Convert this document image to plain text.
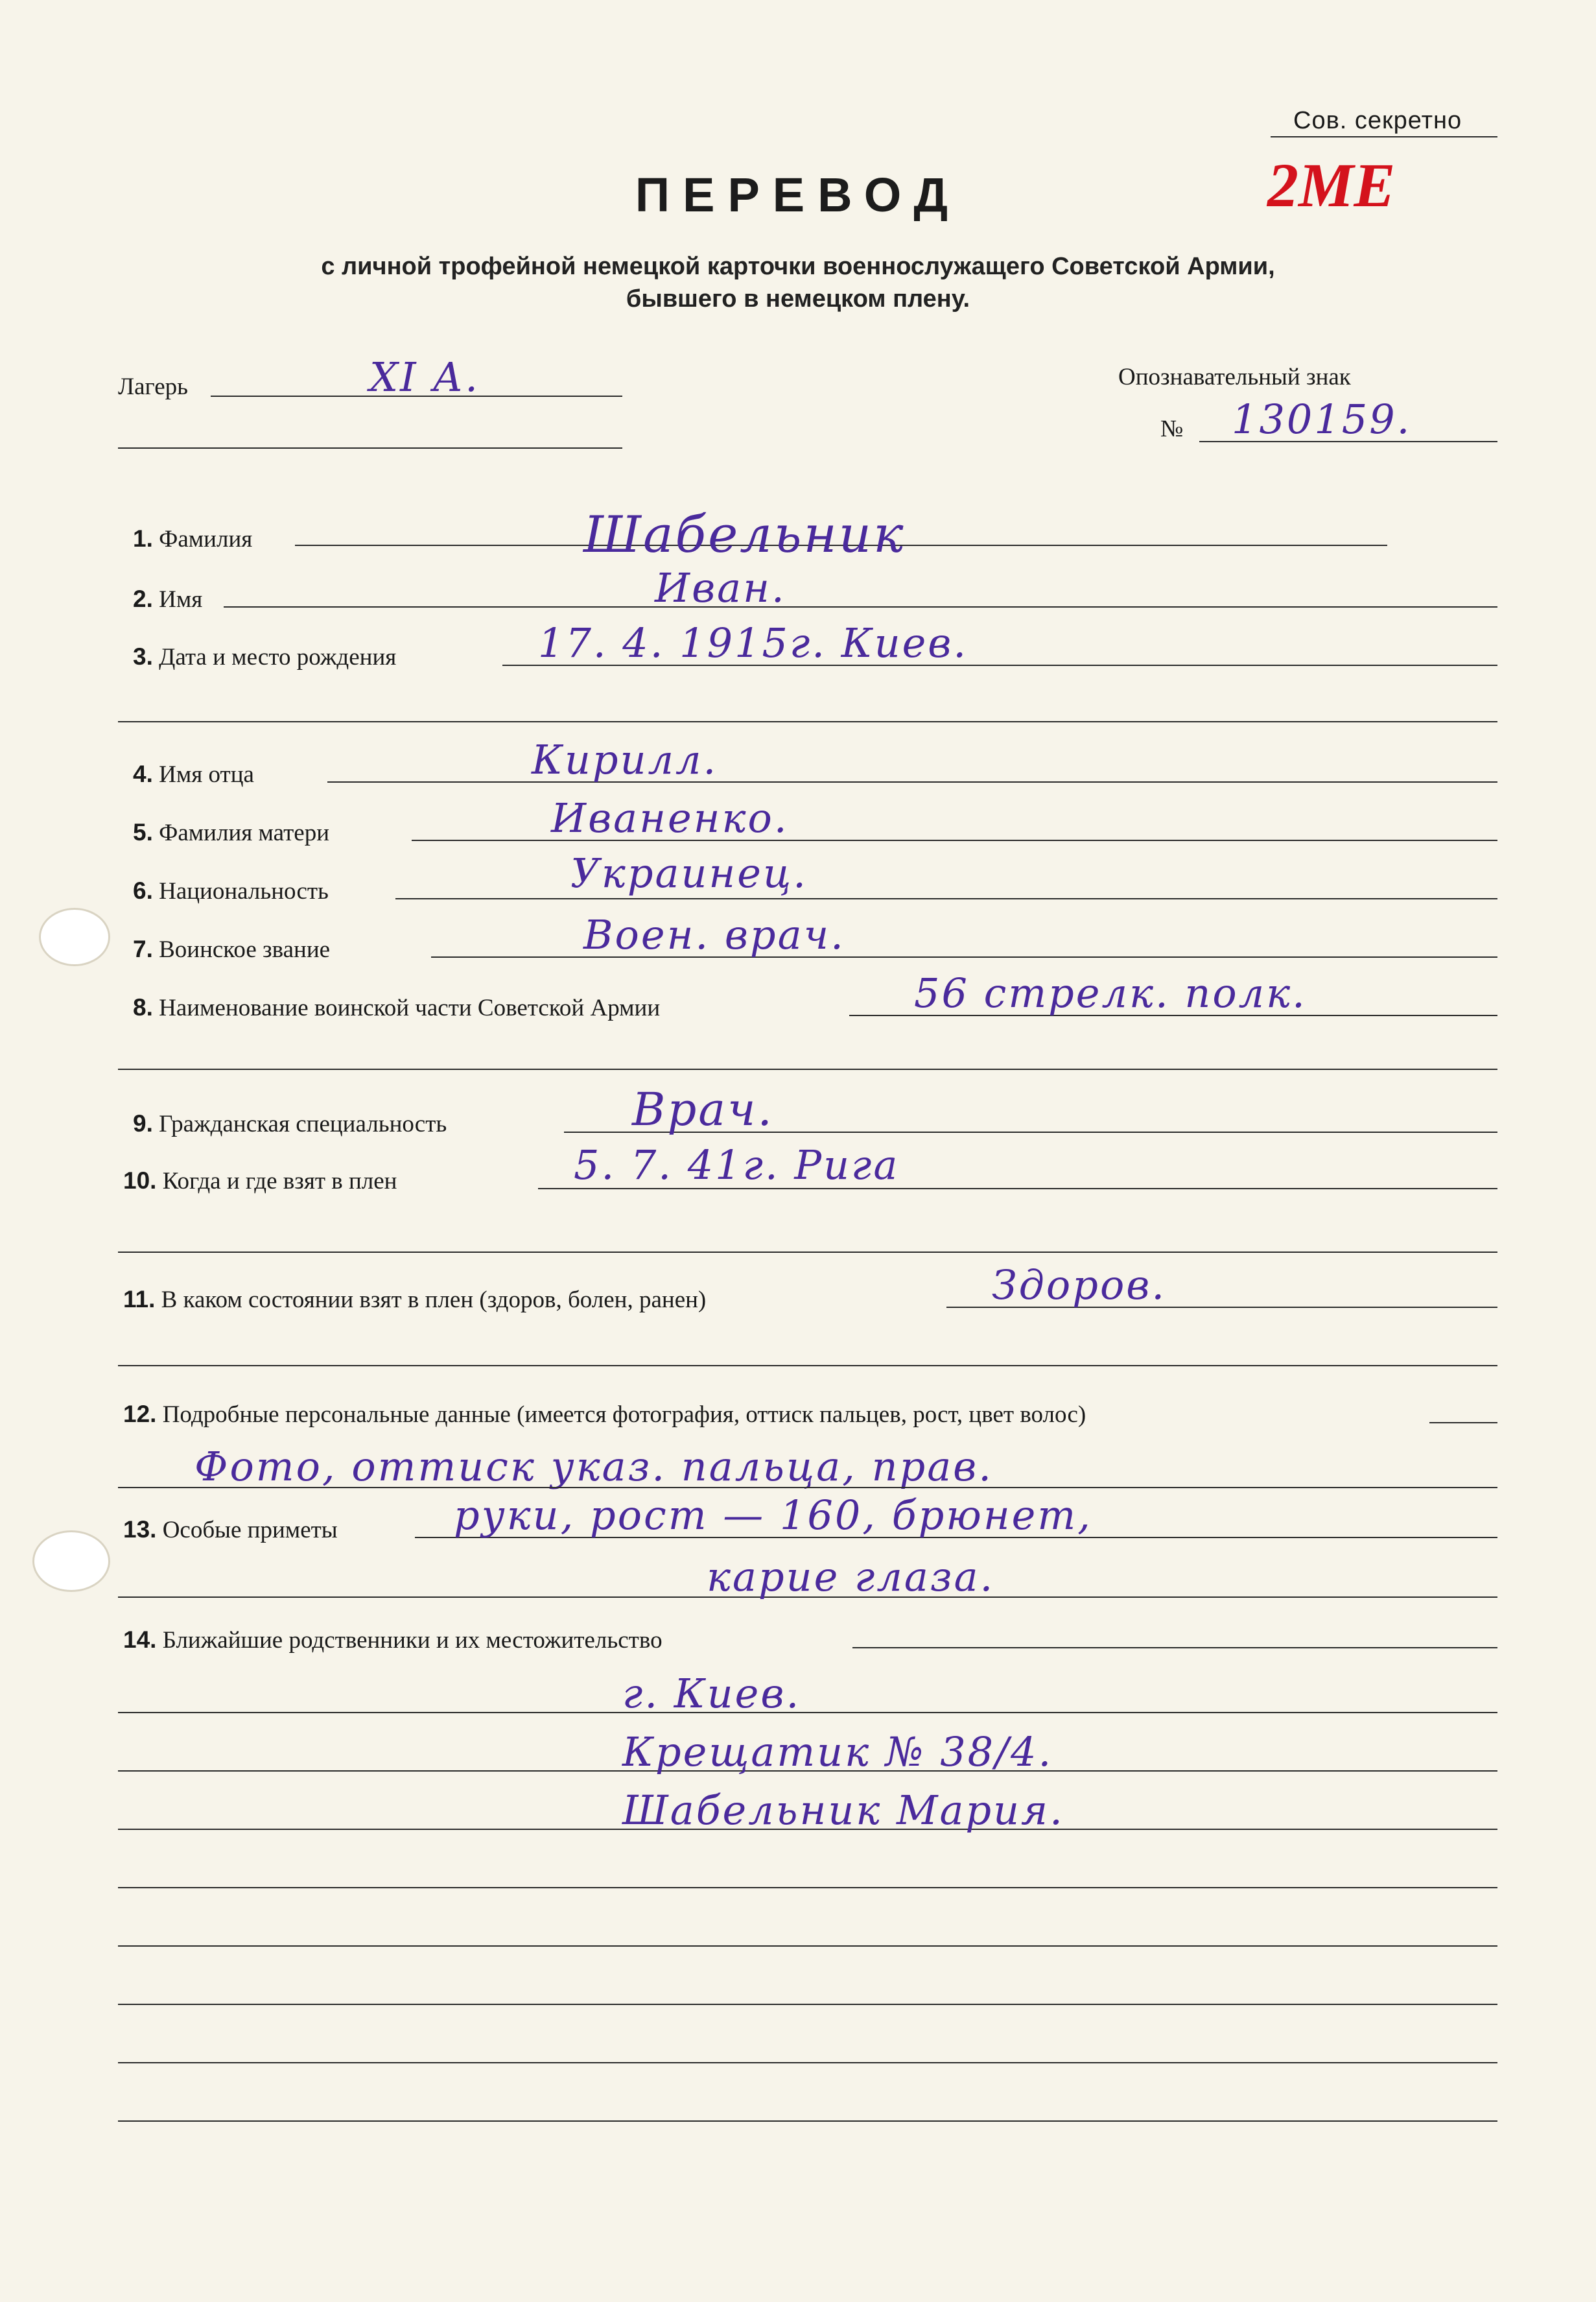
Сов. секретно
2МЕ
ПЕРЕВОД
с личной трофейной немецкой карточки военнослужащего Советской Армии,
бывшего в немецком плену.
Лагерь	XI А.	Опознавательный знак
№ 130159.
1. Фамилия	Шабельник
2. Имя	Иван.
3. Дата и место рождения	17. 4. 1915г. Киев.
4. Имя отца	Кирилл.
5. Фамилия матери	Иваненко.
6. Национальность	Украинец.
7. Воинское звание	Воен. врач.
8. Наименование воинской части Советской Армии	56 стрелк. полк.
9. Гражданская специальность	Врач.
10. Когда и где взят в плен	5. 7. 41г. Рига
11. В каком состоянии взят в плен (здоров, болен, ранен)	Здоров.
12. Подробные персональные данные (имеется фотография, оттиск пальцев, рост, цвет волос)
Фото, оттиск указ. пальца, прав.
13. Особые приметы	руки, рост — 160, брюнет,
карие глаза.
14. Ближайшие родственники и их местожительство
г. Киев.
Крещатик № 38/4.
Шабельник Мария.
